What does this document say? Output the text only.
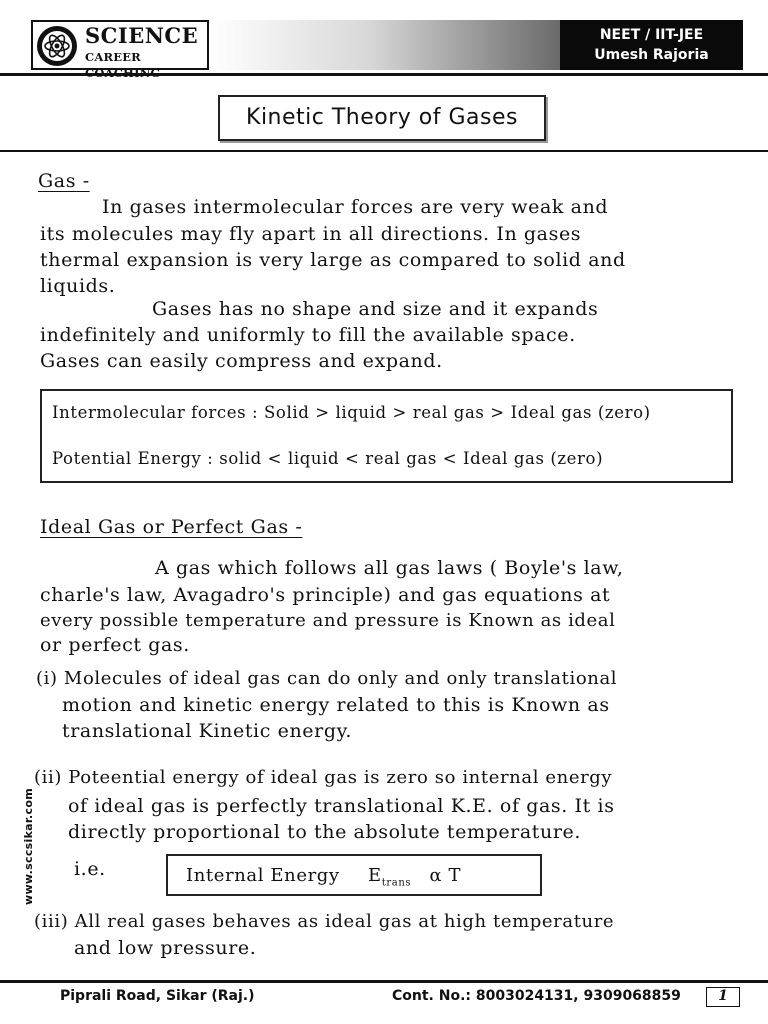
SCIENCE
CAREER
NEET / IIT-JEE
Umesh Rajoria
Kinetic Theory of Gases
Gas -
In gases intermolecular forces are very weak and
its molecules may fly apart in all directions. In gases
thermal expansion is very large as compared to solid and
liquids.
Gases has no shape and size and it expands
indefinitely and uniformly to fill the available space.
Gases can easily compress and expand.
Intermolecular forces : Solid > liquid > real gas > Ideal gas (zero)
Potential Energy : solid < liquid < real gas < Ideal gas (zero)
Ideal Gas or Perfect Gas -
A gas which follows all gas laws ( Boyle's law,
charle's law, Avagadro's principle) and gas equations at
every possible temperature and pressure is Known as ideal
or perfect gas.
(i) Molecules of ideal gas can do only and only translational
motion and kinetic energy related to this is Known as
translational Kinetic energy.
(ii) Poteential energy of ideal gas is zero so internal energy
of ideal gas is perfectly translational K.E. of gas. It is
directly proportional to the absolute temperature.
i.e.	Internal Energy $E_{trans}$ α T
(iii) All real gases behaves as ideal gas at high temperature
and low pressure.
www.sccsikar.com
Piprali Road, Sikar (Raj.)	Cont. No.: 8003024131, 9309068859	1
